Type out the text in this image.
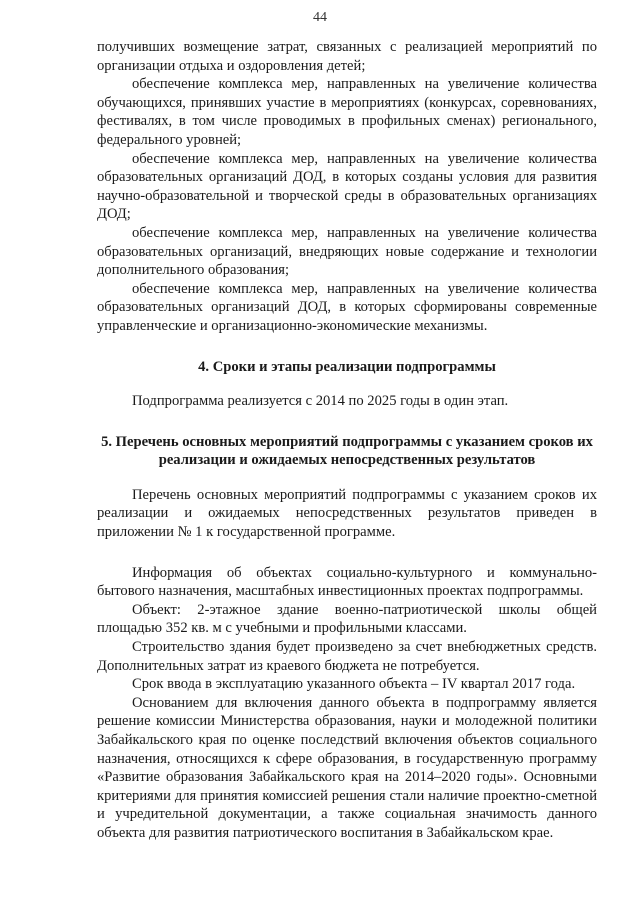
44

получивших возмещение затрат, связанных с реализацией мероприятий по организации отдыха и оздоровления детей;

обеспечение комплекса мер, направленных на увеличение количества обучающихся, принявших участие в мероприятиях (конкурсах, соревнованиях, фестивалях, в том числе проводимых в профильных сменах) регионального, федерального уровней;

обеспечение комплекса мер, направленных на увеличение количества образовательных организаций ДОД, в которых созданы условия для развития научно-образовательной и творческой среды в образовательных организациях ДОД;

обеспечение комплекса мер, направленных на увеличение количества образовательных организаций, внедряющих новые содержание и технологии дополнительного образования;

обеспечение комплекса мер, направленных на увеличение количества образовательных организаций ДОД, в которых сформированы современные управленческие и организационно-экономические механизмы.

4. Сроки и этапы реализации подпрограммы

Подпрограмма реализуется с 2014 по 2025 годы в один этап.

5. Перечень основных мероприятий подпрограммы с указанием сроков их реализации и ожидаемых непосредственных результатов

Перечень основных мероприятий подпрограммы с указанием сроков их реализации и ожидаемых непосредственных результатов приведен в приложении № 1 к государственной программе.

Информация об объектах социально-культурного и коммунально-бытового назначения, масштабных инвестиционных проектах подпрограммы.

Объект: 2-этажное здание военно-патриотической школы общей площадью 352 кв. м с учебными и профильными классами.

Строительство здания будет произведено за счет внебюджетных средств. Дополнительных затрат из краевого бюджета не потребуется.

Срок ввода в эксплуатацию указанного объекта – IV квартал 2017 года.

Основанием для включения данного объекта в подпрограмму является решение комиссии Министерства образования, науки и молодежной политики Забайкальского края по оценке последствий включения объектов социального назначения, относящихся к сфере образования, в государственную программу «Развитие образования Забайкальского края на 2014–2020 годы». Основными критериями для принятия комиссией решения стали наличие проектно-сметной и учредительной документации, а также социальная значимость данного объекта для развития патриотического воспитания в Забайкальском крае.
